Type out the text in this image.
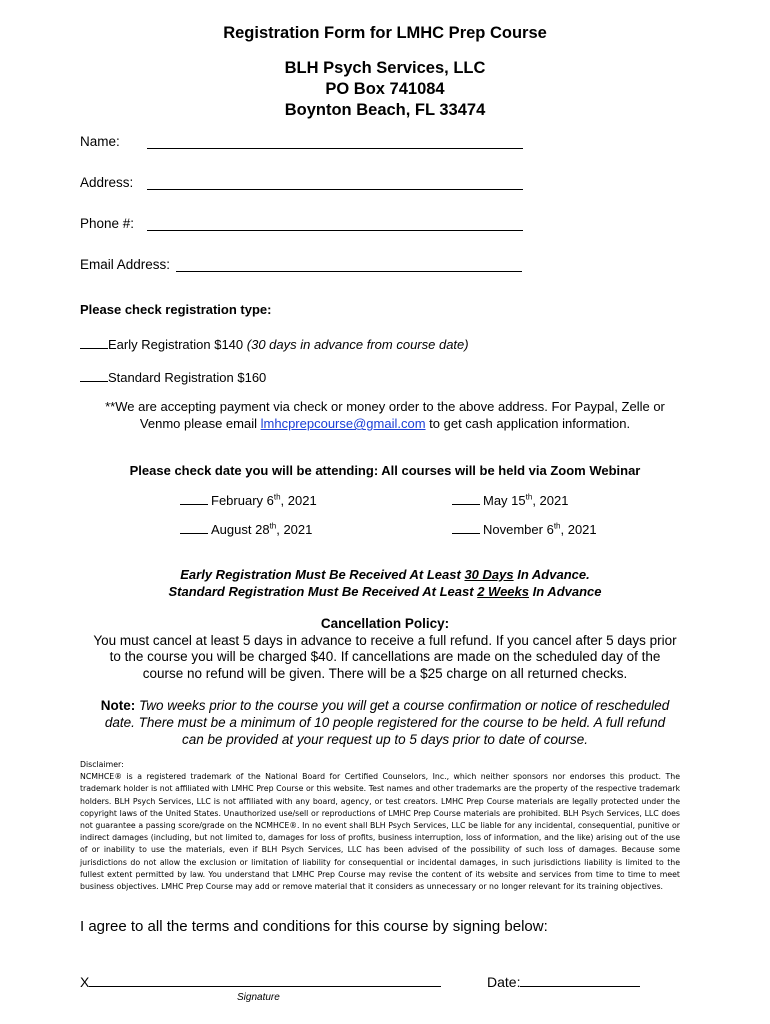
Registration Form for LMHC Prep Course
BLH Psych Services, LLC
PO Box 741084
Boynton Beach, FL 33474
Name:
Address:
Phone #:
Email Address:
Please check registration type:
Early Registration $140 (30 days in advance from course date)
Standard Registration $160
**We are accepting payment via check or money order to the above address. For Paypal, Zelle or
Venmo please email lmhcprepcourse@gmail.com to get cash application information.
Please check date you will be attending: All courses will be held via Zoom Webinar
February 6th, 2021	May 15th, 2021
August 28th, 2021	November 6th, 2021
Early Registration Must Be Received At Least 30 Days In Advance.
Standard Registration Must Be Received At Least 2 Weeks In Advance
Cancellation Policy:
You must cancel at least 5 days in advance to receive a full refund. If you cancel after 5 days prior
to the course you will be charged $40. If cancellations are made on the scheduled day of the
course no refund will be given. There will be a $25 charge on all returned checks.
Note: Two weeks prior to the course you will get a course confirmation or notice of rescheduled
date. There must be a minimum of 10 people registered for the course to be held. A full refund
can be provided at your request up to 5 days prior to date of course.
Disclaimer:
NCMHCE® is a registered trademark of the National Board for Certified Counselors, Inc., which neither sponsors nor endorses this product. The trademark holder is not affiliated with LMHC Prep Course or this website. Test names and other trademarks are the property of the respective trademark holders. BLH Psych Services, LLC is not affiliated with any board, agency, or test creators. LMHC Prep Course materials are legally protected under the copyright laws of the United States. Unauthorized use/sell or reproductions of LMHC Prep Course materials are prohibited. BLH Psych Services, LLC does not guarantee a passing score/grade on the NCMHCE®. In no event shall BLH Psych Services, LLC be liable for any incidental, consequential, punitive or indirect damages (including, but not limited to, damages for loss of profits, business interruption, loss of information, and the like) arising out of the use of or inability to use the materials, even if BLH Psych Services, LLC has been advised of the possibility of such loss of damages. Because some jurisdictions do not allow the exclusion or limitation of liability for consequential or incidental damages, in such jurisdictions liability is limited to the fullest extent permitted by law. You understand that LMHC Prep Course may revise the content of its website and services from time to time to meet business objectives. LMHC Prep Course may add or remove material that it considers as unnecessary or no longer relevant for its training objectives.
I agree to all the terms and conditions for this course by signing below:
X	Date:
Signature
